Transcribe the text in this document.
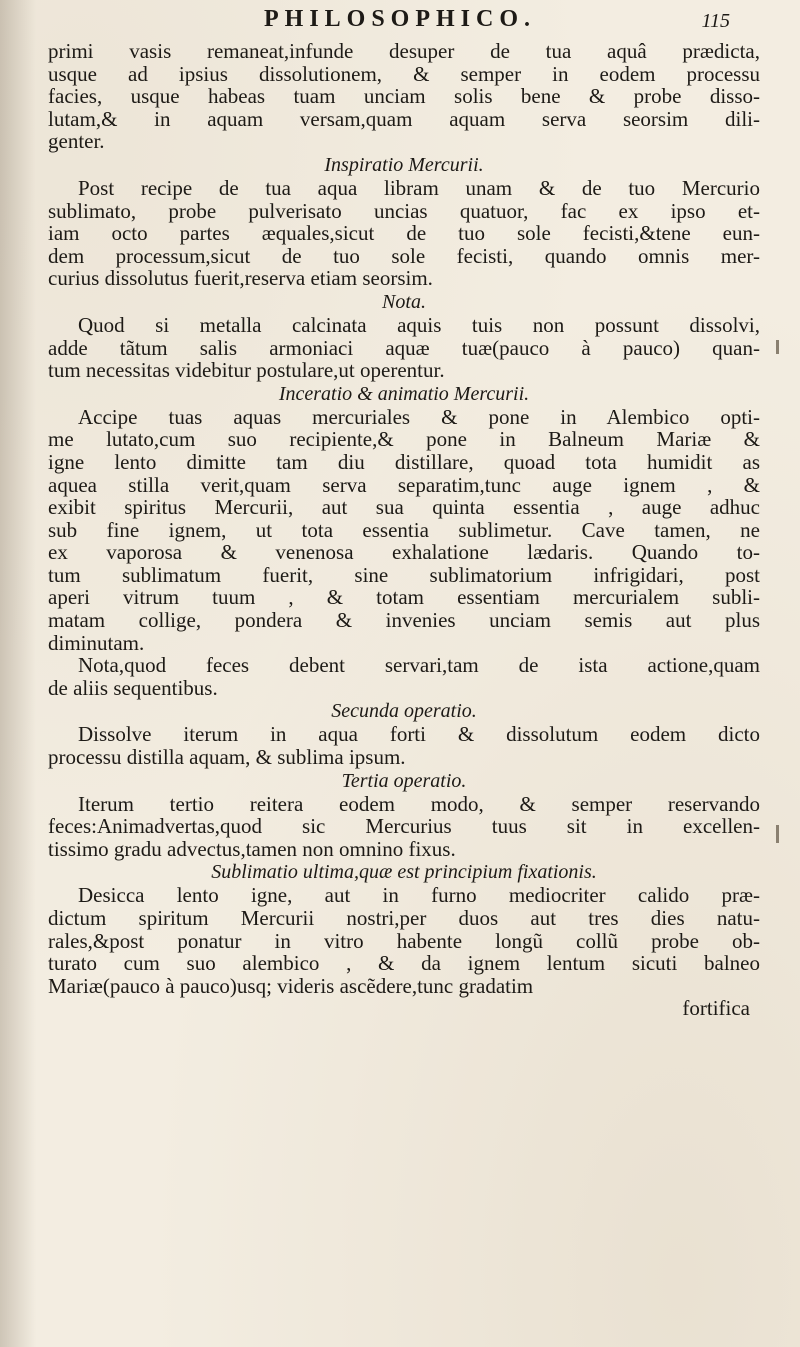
PHILOSOPHICO.	115
primi vasis remaneat,infunde desuper de tua aquâ prædicta,
usque ad ipsius dissolutionem, & semper in eodem processu
facies, usque habeas tuam unciam solis bene & probe disso-
lutam,& in aquam versam,quam aquam serva seorsim dili-
genter.
Inspiratio Mercurii.
Post recipe de tua aqua libram unam & de tuo Mercurio
sublimato, probe pulverisato uncias quatuor, fac ex ipso et-
iam octo partes æquales,sicut de tuo sole fecisti,&tene eun-
dem processum,sicut de tuo sole fecisti, quando omnis mer-
curius dissolutus fuerit,reserva etiam seorsim.
Nota.
Quod si metalla calcinata aquis tuis non possunt dissolvi,
adde tãtum salis armoniaci aquæ tuæ(pauco à pauco) quan-
tum necessitas videbitur postulare,ut operentur.
Inceratio & animatio Mercurii.
Accipe tuas aquas mercuriales & pone in Alembico opti-
me lutato,cum suo recipiente,& pone in Balneum Mariæ &
igne lento dimitte tam diu distillare, quoad tota humidit as
aquea stilla verit,quam serva separatim,tunc auge ignem , &
exibit spiritus Mercurii, aut sua quinta essentia , auge adhuc
sub fine ignem, ut tota essentia sublimetur. Cave tamen, ne
ex vaporosa & venenosa exhalatione lædaris. Quando to-
tum sublimatum fuerit, sine sublimatorium infrigidari, post
aperi vitrum tuum , & totam essentiam mercurialem subli-
matam collige, pondera & invenies unciam semis aut plus
diminutam.
Nota,quod feces debent servari,tam de ista actione,quam
de aliis sequentibus.
Secunda operatio.
Dissolve iterum in aqua forti & dissolutum eodem dicto
processu distilla aquam, & sublima ipsum.
Tertia operatio.
Iterum tertio reitera eodem modo, & semper reservando
feces:Animadvertas,quod sic Mercurius tuus sit in excellen-
tissimo gradu advectus,tamen non omnino fixus.
Sublimatio ultima,quæ est principium fixationis.
Desicca lento igne, aut in furno mediocriter calido præ-
dictum spiritum Mercurii nostri,per duos aut tres dies natu-
rales,&post ponatur in vitro habente longũ collũ probe ob-
turato cum suo alembico , & da ignem lentum sicuti balneo
Mariæ(pauco à pauco)usq; videris ascẽdere,tunc gradatim
fortifica
